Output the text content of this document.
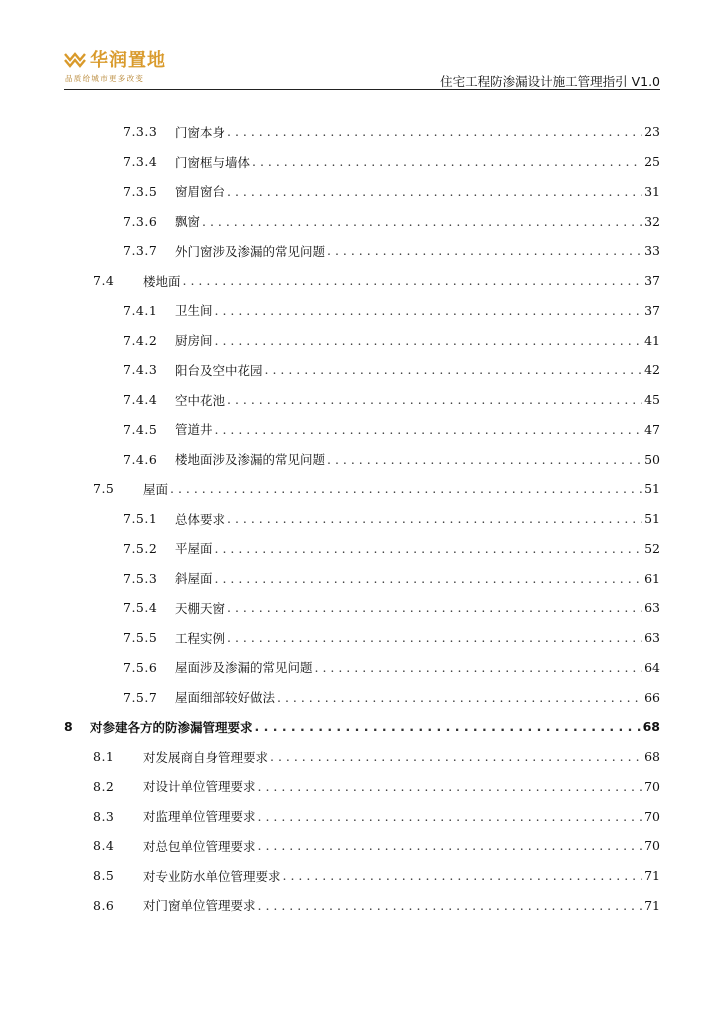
华润置地
品质给城市更多改变	住宅工程防渗漏设计施工管理指引 V1.0
7.3.3	门窗本身 . . .	23
7.3.4	门窗框与墙体 . . .	25
7.3.5	窗眉窗台 . . .	31
7.3.6	飘窗 . . .	32
7.3.7	外门窗涉及渗漏的常见问题 . . .	33
7.4	楼地面 . . .	37
7.4.1	卫生间 . . .	37
7.4.2	厨房间 . . .	41
7.4.3	阳台及空中花园 . . .	42
7.4.4	空中花池 . . .	45
7.4.5	管道井 . . .	47
7.4.6	楼地面涉及渗漏的常见问题 . . .	50
7.5	屋面 . . .	51
7.5.1	总体要求 . . .	51
7.5.2	平屋面 . . .	52
7.5.3	斜屋面 . . .	61
7.5.4	天棚天窗 . . .	63
7.5.5	工程实例 . . .	63
7.5.6	屋面涉及渗漏的常见问题 . . .	64
7.5.7	屋面细部较好做法 . . .	66
8	对参建各方的防渗漏管理要求 . . .	68
8.1	对发展商自身管理要求 . . .	68
8.2	对设计单位管理要求 . . .	70
8.3	对监理单位管理要求 . . .	70
8.4	对总包单位管理要求 . . .	70
8.5	对专业防水单位管理要求 . . .	71
8.6	对门窗单位管理要求 . . .	71
